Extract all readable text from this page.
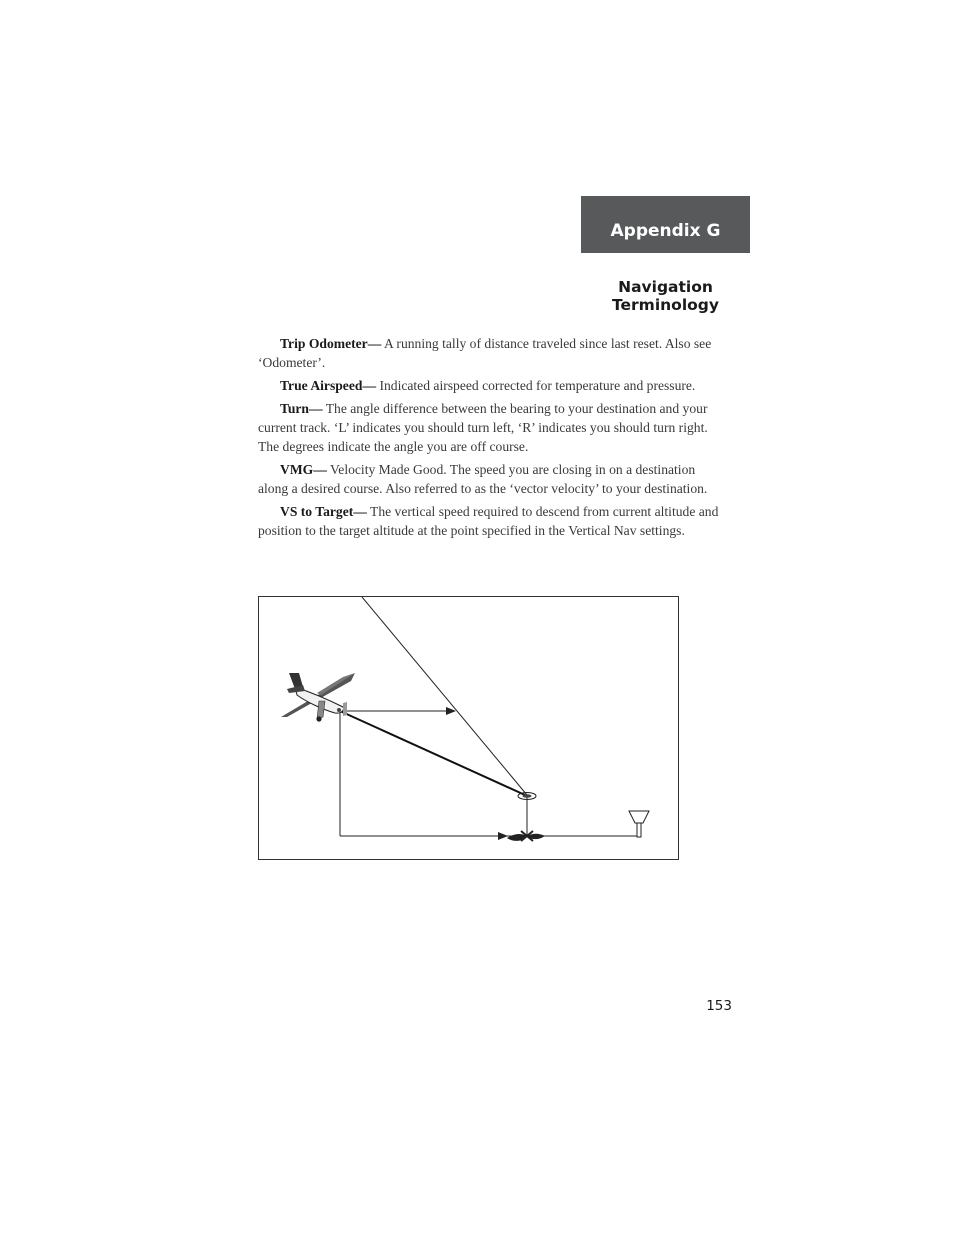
Appendix G
Navigation
Terminology

Trip Odometer— A running tally of distance traveled since last reset. Also see ‘Odometer’.

True Airspeed— Indicated airspeed corrected for temperature and pressure.

Turn— The angle difference between the bearing to your destination and your current track. ‘L’ indicates you should turn left, ‘R’ indicates you should turn right. The degrees indicate the angle you are off course.

VMG— Velocity Made Good. The speed you are closing in on a destination along a desired course. Also referred to as the ‘vector velocity’ to your destination.

VS to Target— The vertical speed required to descend from current altitude and position to the target altitude at the point specified in the Vertical Nav settings.

153
